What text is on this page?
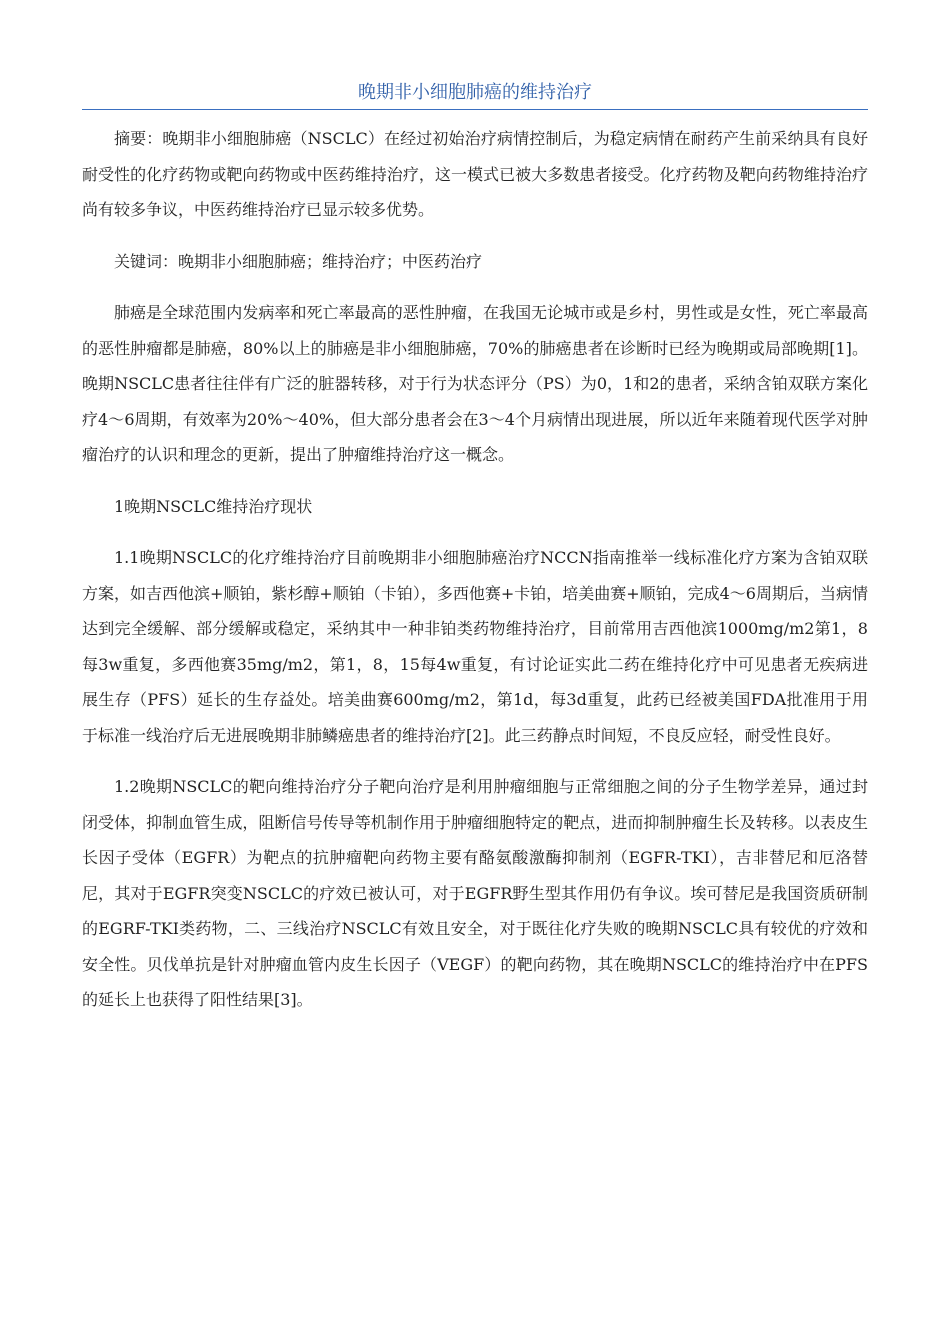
晚期非小细胞肺癌的维持治疗

摘要：晚期非小细胞肺癌（NSCLC）在经过初始治疗病情控制后，为稳定病情在耐药产生前采纳具有良好耐受性的化疗药物或靶向药物或中医药维持治疗，这一模式已被大多数患者接受。化疗药物及靶向药物维持治疗尚有较多争议，中医药维持治疗已显示较多优势。

关键词：晚期非小细胞肺癌；维持治疗；中医药治疗

肺癌是全球范围内发病率和死亡率最高的恶性肿瘤，在我国无论城市或是乡村，男性或是女性，死亡率最高的恶性肿瘤都是肺癌，80%以上的肺癌是非小细胞肺癌，70%的肺癌患者在诊断时已经为晚期或局部晚期[1]。晚期NSCLC患者往往伴有广泛的脏器转移，对于行为状态评分（PS）为0，1和2的患者，采纳含铂双联方案化疗4～6周期，有效率为20%～40%，但大部分患者会在3～4个月病情出现进展，所以近年来随着现代医学对肿瘤治疗的认识和理念的更新，提出了肿瘤维持治疗这一概念。

1晚期NSCLC维持治疗现状

1.1晚期NSCLC的化疗维持治疗目前晚期非小细胞肺癌治疗NCCN指南推举一线标准化疗方案为含铂双联方案，如吉西他滨+顺铂，紫杉醇+顺铂（卡铂），多西他赛+卡铂，培美曲赛+顺铂，完成4～6周期后，当病情达到完全缓解、部分缓解或稳定，采纳其中一种非铂类药物维持治疗，目前常用吉西他滨1000mg/m2第1，8每3w重复，多西他赛35mg/m2，第1，8，15每4w重复，有讨论证实此二药在维持化疗中可见患者无疾病进展生存（PFS）延长的生存益处。培美曲赛600mg/m2，第1d，每3d重复，此药已经被美国FDA批准用于用于标准一线治疗后无进展晚期非肺鳞癌患者的维持治疗[2]。此三药静点时间短，不良反应轻，耐受性良好。

1.2晚期NSCLC的靶向维持治疗分子靶向治疗是利用肿瘤细胞与正常细胞之间的分子生物学差异，通过封闭受体，抑制血管生成，阻断信号传导等机制作用于肿瘤细胞特定的靶点，进而抑制肿瘤生长及转移。以表皮生长因子受体（EGFR）为靶点的抗肿瘤靶向药物主要有酪氨酸激酶抑制剂（EGFR-TKI），吉非替尼和厄洛替尼，其对于EGFR突变NSCLC的疗效已被认可，对于EGFR野生型其作用仍有争议。埃可替尼是我国资质研制的EGRF-TKI类药物，二、三线治疗NSCLC有效且安全，对于既往化疗失败的晚期NSCLC具有较优的疗效和安全性。贝伐单抗是针对肿瘤血管内皮生长因子（VEGF）的靶向药物，其在晚期NSCLC的维持治疗中在PFS的延长上也获得了阳性结果[3]。
